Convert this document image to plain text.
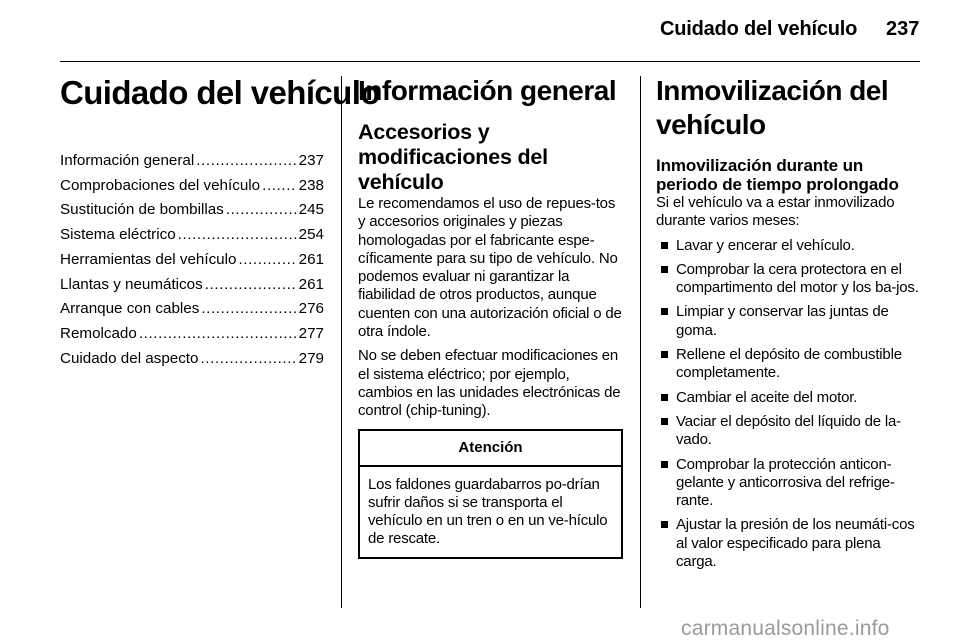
Cuidado del vehículo 237
Cuidado del vehículo
Información general .....	237
Comprobaciones del vehículo .....	238
Sustitución de bombillas .....	245
Sistema eléctrico .....	254
Herramientas del vehículo .....	261
Llantas y neumáticos .....	261
Arranque con cables .....	276
Remolcado .....	277
Cuidado del aspecto .....	279
Información general
Accesorios y modificaciones del vehículo

Le recomendamos el uso de repues-tos y accesorios originales y piezas homologadas por el fabricante espe-cíficamente para su tipo de vehículo. No podemos evaluar ni garantizar la fiabilidad de otros productos, aunque cuenten con una autorización oficial o de otra índole.

No se deben efectuar modificaciones en el sistema eléctrico; por ejemplo, cambios en las unidades electrónicas de control (chip-tuning).

Atención
Los faldones guardabarros po-drían sufrir daños si se transporta el vehículo en un tren o en un ve-hículo de rescate.
Inmovilización del vehículo
Inmovilización durante un periodo de tiempo prolongado

Si el vehículo va a estar inmovilizado durante varios meses:

Lavar y encerar el vehículo.
Comprobar la cera protectora en el compartimento del motor y los ba-jos.
Limpiar y conservar las juntas de goma.
Rellene el depósito de combustible completamente.
Cambiar el aceite del motor.
Vaciar el depósito del líquido de la-vado.
Comprobar la protección anticon-gelante y anticorrosiva del refrige-rante.
Ajustar la presión de los neumáti-cos al valor especificado para plena carga.
carmanualsonline.info
